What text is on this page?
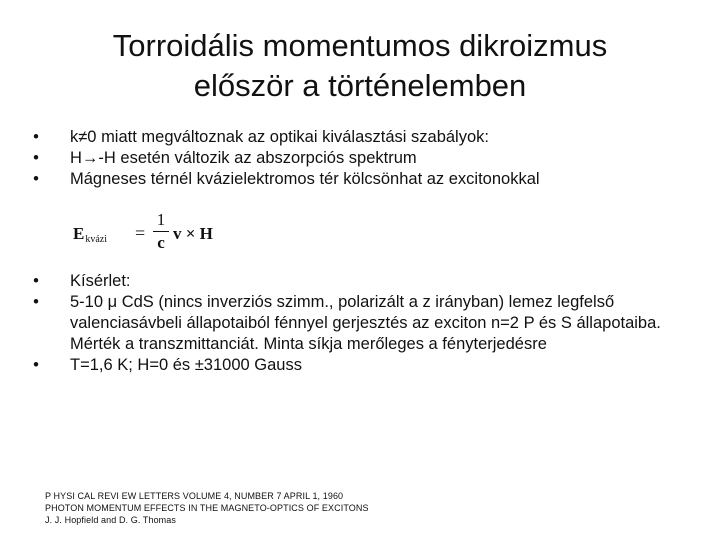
Torroidális momentumos dikroizmus
először a történelemben
• k≠0 miatt megváltoznak az optikai kiválasztási szabályok:
• H→-H esetén változik az abszorpciós spektrum
• Mágneses térnél kvázielektromos tér kölcsönhat az excitonokkal
Ekvázi =
1
c v × H
• Kísérlet:
• 5-10 μ CdS (nincs inverziós szimm., polarizált a z irányban) lemez legfelső valenciasávbeli állapotaiból fénnyel gerjesztés az exciton n=2 P és S állapotaiba. Mérték a transzmittanciát. Minta síkja merőleges a fényterjedésre
• T=1,6 K; H=0 és ±31000 Gauss
P HYSI CAL REVI EW LETTERS VOLUME 4, NUMBER 7 APRIL 1, 1960
PHOTON MOMENTUM EFFECTS IN THE MAGNETO-OPTICS OF EXCITONS
J. J. Hopfield and D. G. Thomas
